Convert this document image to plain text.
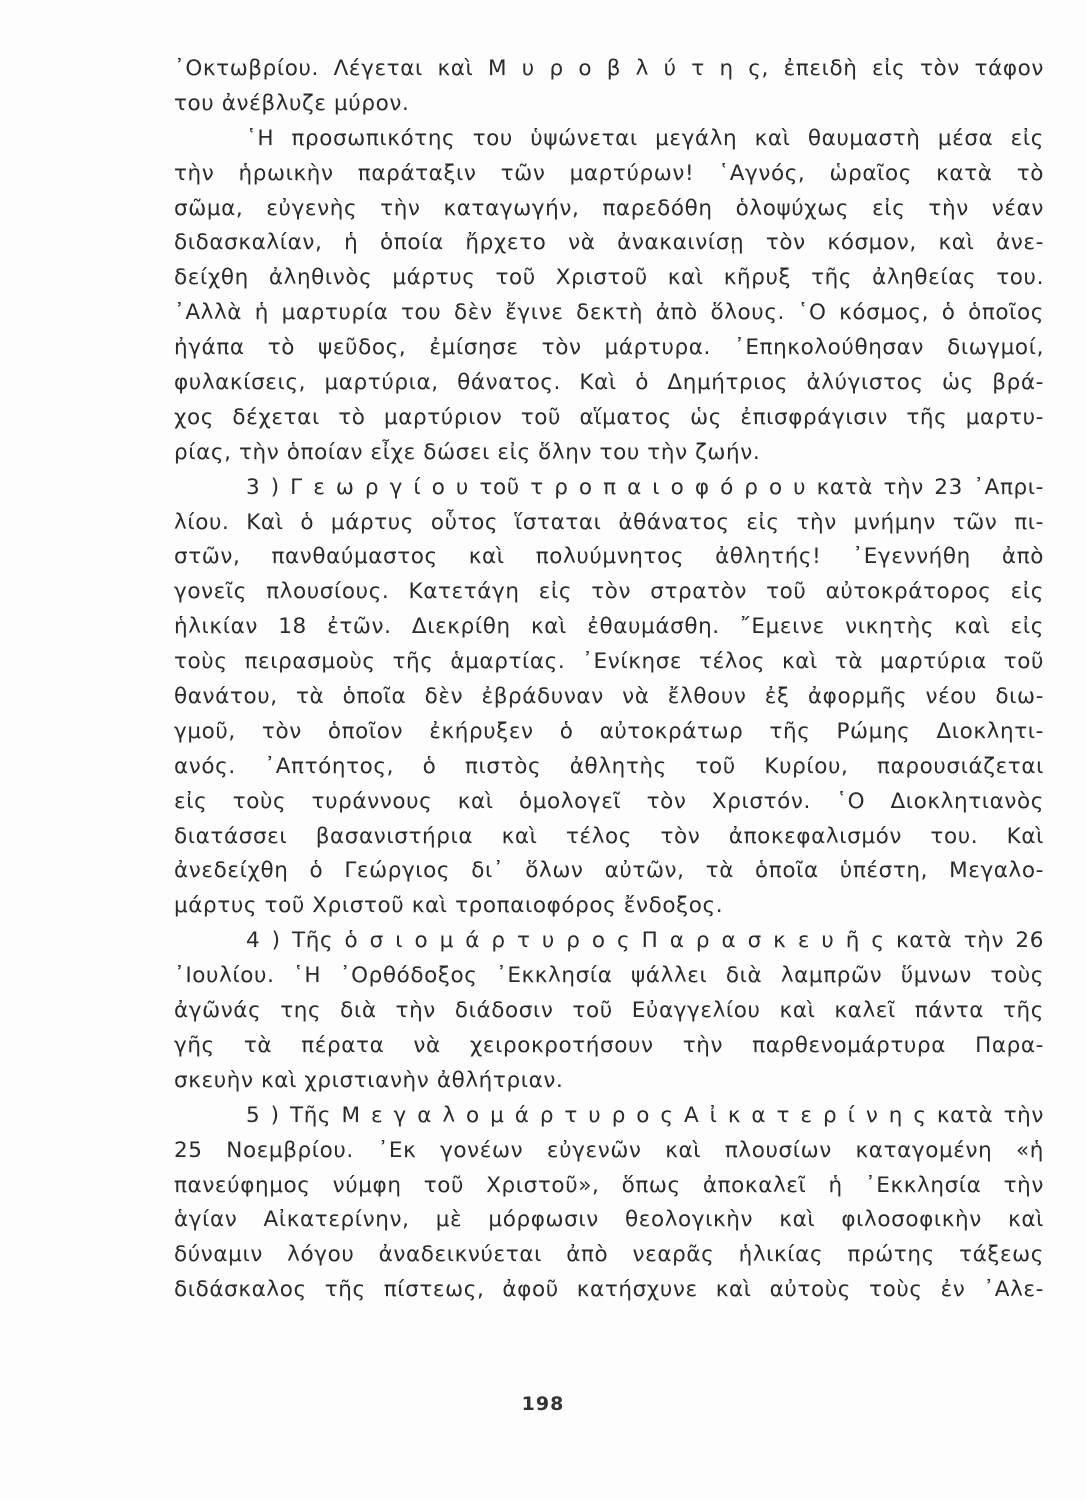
᾿Οκτωβρίου. Λέγεται καὶ Μ υ ρ ο β λ ύ τ η ς, ἐπειδὴ εἰς τὸν τάφον
του ἀνέβλυζε μύρον.
῾Η προσωπικότης του ὑψώνεται μεγάλη καὶ θαυμαστὴ μέσα εἰς
τὴν ἡρωικὴν παράταξιν τῶν μαρτύρων! ῾Αγνός, ὡραῖος κατὰ τὸ
σῶμα, εὐγενὴς τὴν καταγωγήν, παρεδόθη ὁλοψύχως εἰς τὴν νέαν
διδασκαλίαν, ἡ ὁποία ἤρχετο νὰ ἀνακαινίσῃ τὸν κόσμον, καὶ ἀνε-
δείχθη ἀληθινὸς μάρτυς τοῦ Χριστοῦ καὶ κῆρυξ τῆς ἀληθείας του.
᾿Αλλὰ ἡ μαρτυρία του δὲν ἔγινε δεκτὴ ἀπὸ ὅλους. ῾Ο κόσμος, ὁ ὁποῖος
ἠγάπα τὸ ψεῦδος, ἐμίσησε τὸν μάρτυρα. ᾿Επηκολούθησαν διωγμοί,
φυλακίσεις, μαρτύρια, θάνατος. Καὶ ὁ Δημήτριος ἀλύγιστος ὡς βρά-
χος δέχεται τὸ μαρτύριον τοῦ αἵματος ὡς ἐπισφράγισιν τῆς μαρτυ-
ρίας, τὴν ὁποίαν εἶχε δώσει εἰς ὅλην του τὴν ζωήν.
3 ) Γ ε ω ρ γ ί ο υ τοῦ τ ρ ο π α ι ο φ ό ρ ο υ κατὰ τὴν 23 ᾿Απρι-
λίου. Καὶ ὁ μάρτυς οὗτος ἵσταται ἀθάνατος εἰς τὴν μνήμην τῶν πι-
στῶν, πανθαύμαστος καὶ πολυύμνητος ἀθλητής! ᾿Εγεννήθη ἀπὸ
γονεῖς πλουσίους. Κατετάγη εἰς τὸν στρατὸν τοῦ αὐτοκράτορος εἰς
ἡλικίαν 18 ἐτῶν. Διεκρίθη καὶ ἐθαυμάσθη. ῎Εμεινε νικητὴς καὶ εἰς
τοὺς πειρασμοὺς τῆς ἁμαρτίας. ᾿Ενίκησε τέλος καὶ τὰ μαρτύρια τοῦ
θανάτου, τὰ ὁποῖα δὲν ἐβράδυναν νὰ ἔλθουν ἐξ ἀφορμῆς νέου διω-
γμοῦ, τὸν ὁποῖον ἐκήρυξεν ὁ αὐτοκράτωρ τῆς Ρώμης Διοκλητι-
ανός. ᾿Απτόητος, ὁ πιστὸς ἀθλητὴς τοῦ Κυρίου, παρουσιάζεται
εἰς τοὺς τυράννους καὶ ὁμολογεῖ τὸν Χριστόν. ῾Ο Διοκλητιανὸς
διατάσσει βασανιστήρια καὶ τέλος τὸν ἀποκεφαλισμόν του. Καὶ
ἀνεδείχθη ὁ Γεώργιος δι᾿ ὅλων αὐτῶν, τὰ ὁποῖα ὑπέστη, Μεγαλο-
μάρτυς τοῦ Χριστοῦ καὶ τροπαιοφόρος ἔνδοξος.
4 ) Τῆς ὁ σ ι ο μ ά ρ τ υ ρ ο ς Π α ρ α σ κ ε υ ῆ ς κατὰ τὴν 26
᾿Ιουλίου. ῾Η ᾿Ορθόδοξος ᾿Εκκλησία ψάλλει διὰ λαμπρῶν ὕμνων τοὺς
ἀγῶνάς της διὰ τὴν διάδοσιν τοῦ Εὐαγγελίου καὶ καλεῖ πάντα τῆς
γῆς τὰ πέρατα νὰ χειροκροτήσουν τὴν παρθενομάρτυρα Παρα-
σκευὴν καὶ χριστιανὴν ἀθλήτριαν.
5 ) Τῆς Μ ε γ α λ ο μ ά ρ τ υ ρ ο ς Α ἰ κ α τ ε ρ ί ν η ς κατὰ τὴν
25 Νοεμβρίου. ᾿Εκ γονέων εὐγενῶν καὶ πλουσίων καταγομένη «ἡ
πανεύφημος νύμφη τοῦ Χριστοῦ», ὅπως ἀποκαλεῖ ἡ ᾿Εκκλησία τὴν
ἁγίαν Αἰκατερίνην, μὲ μόρφωσιν θεολογικὴν καὶ φιλοσοφικὴν καὶ
δύναμιν λόγου ἀναδεικνύεται ἀπὸ νεαρᾶς ἡλικίας πρώτης τάξεως
διδάσκαλος τῆς πίστεως, ἀφοῦ κατήσχυνε καὶ αὐτοὺς τοὺς ἐν ᾿Αλε-
198
